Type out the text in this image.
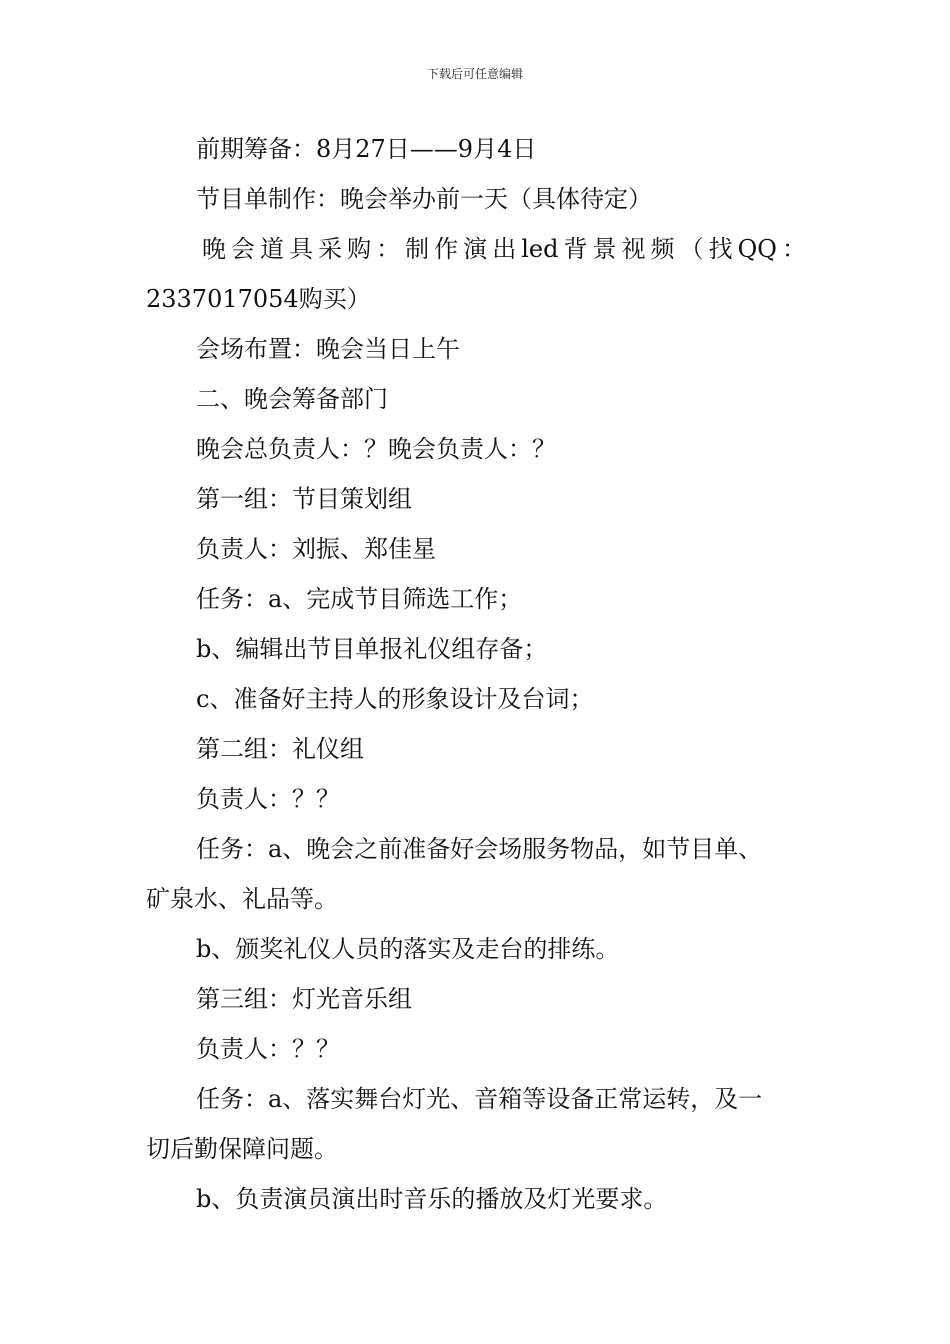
下载后可任意编辑
前期筹备：8月27日——9月4日
节目单制作：晚会举办前一天（具体待定）
晚会道具采购：制作演出led背景视频（找QQ：
2337017054购买）
会场布置：晚会当日上午
二、晚会筹备部门
晚会总负责人：？晚会负责人：？
第一组：节目策划组
负责人：刘振、郑佳星
任务：a、完成节目筛选工作；
b、编辑出节目单报礼仪组存备；
c、准备好主持人的形象设计及台词；
第二组：礼仪组
负责人：？？
任务：a、晚会之前准备好会场服务物品，如节目单、
矿泉水、礼品等。
b、颁奖礼仪人员的落实及走台的排练。
第三组：灯光音乐组
负责人：？？
任务：a、落实舞台灯光、音箱等设备正常运转，及一
切后勤保障问题。
b、负责演员演出时音乐的播放及灯光要求。
